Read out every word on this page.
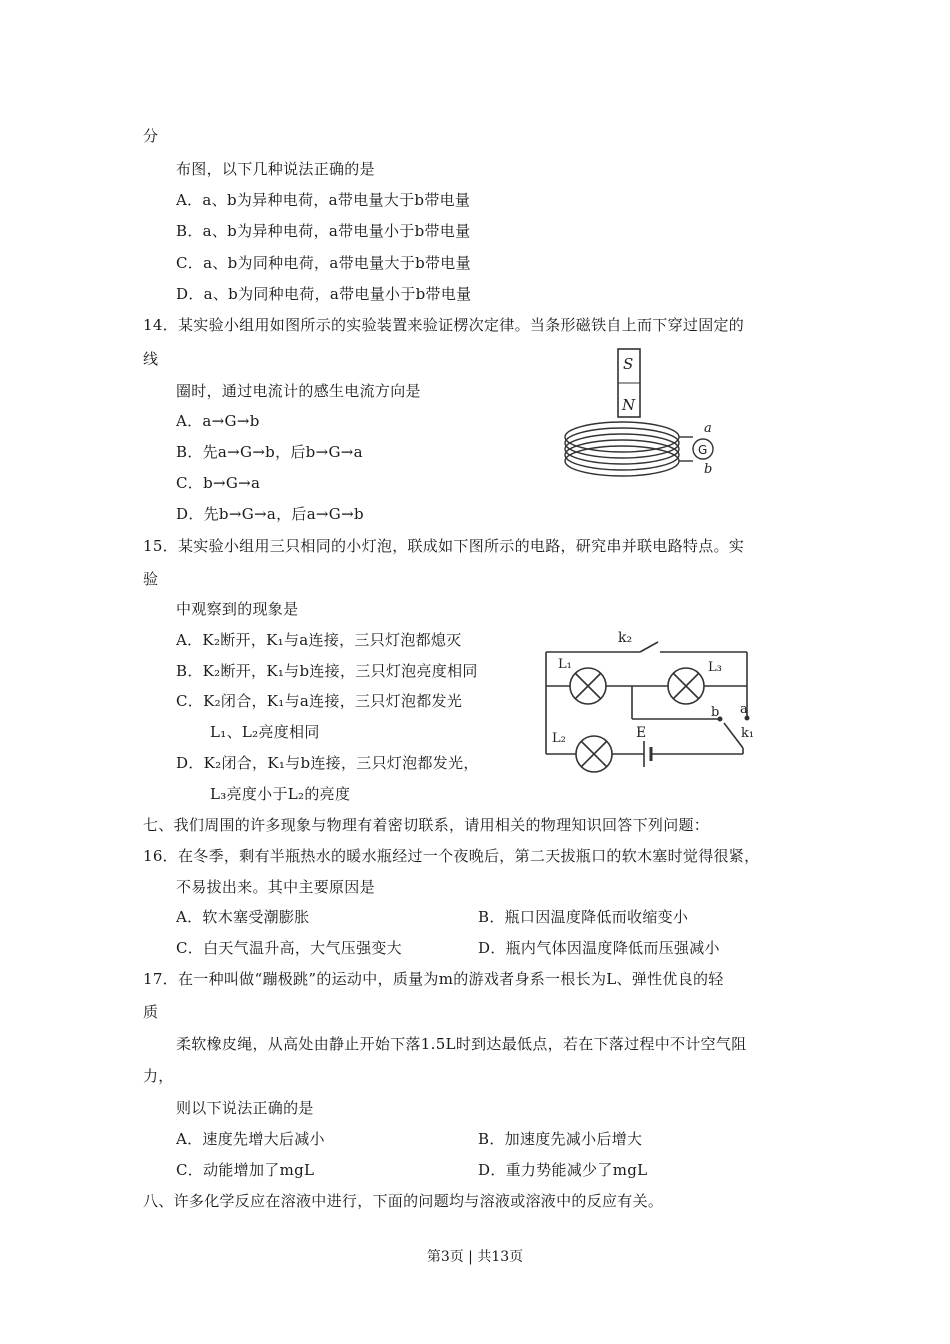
分
布图，以下几种说法正确的是
A．a、b为异种电荷，a带电量大于b带电量
B．a、b为异种电荷，a带电量小于b带电量
C．a、b为同种电荷，a带电量大于b带电量
D．a、b为同种电荷，a带电量小于b带电量
14．某实验小组用如图所示的实验装置来验证楞次定律。当条形磁铁自上而下穿过固定的
线
圈时，通过电流计的感生电流方向是
A．a→G→b
B．先a→G→b，后b→G→a
C．b→G→a
D．先b→G→a，后a→G→b
15．某实验小组用三只相同的小灯泡，联成如下图所示的电路，研究串并联电路特点。实
验
中观察到的现象是
A．K₂断开，K₁与a连接，三只灯泡都熄灭
B．K₂断开，K₁与b连接，三只灯泡亮度相同
C．K₂闭合，K₁与a连接，三只灯泡都发光
L₁、L₂亮度相同
D．K₂闭合，K₁与b连接，三只灯泡都发光，
L₃亮度小于L₂的亮度
七、我们周围的许多现象与物理有着密切联系，请用相关的物理知识回答下列问题：
16．在冬季，剩有半瓶热水的暖水瓶经过一个夜晚后，第二天拔瓶口的软木塞时觉得很紧，
不易拔出来。其中主要原因是
A．软木塞受潮膨胀	B．瓶口因温度降低而收缩变小
C．白天气温升高，大气压强变大	D．瓶内气体因温度降低而压强减小
17．在一种叫做“蹦极跳”的运动中，质量为m的游戏者身系一根长为L、弹性优良的轻
质
柔软橡皮绳，从高处由静止开始下落1.5L时到达最低点，若在下落过程中不计空气阻
力，
则以下说法正确的是
A．速度先增大后减小	B．加速度先减小后增大
C．动能增加了mgL	D．重力势能减少了mgL
八、许多化学反应在溶液中进行，下面的问题均与溶液或溶液中的反应有关。
S
N
G
a
b
k₂
L₁	L₃
L₂	E
a
b
k₁
第3页 | 共13页
